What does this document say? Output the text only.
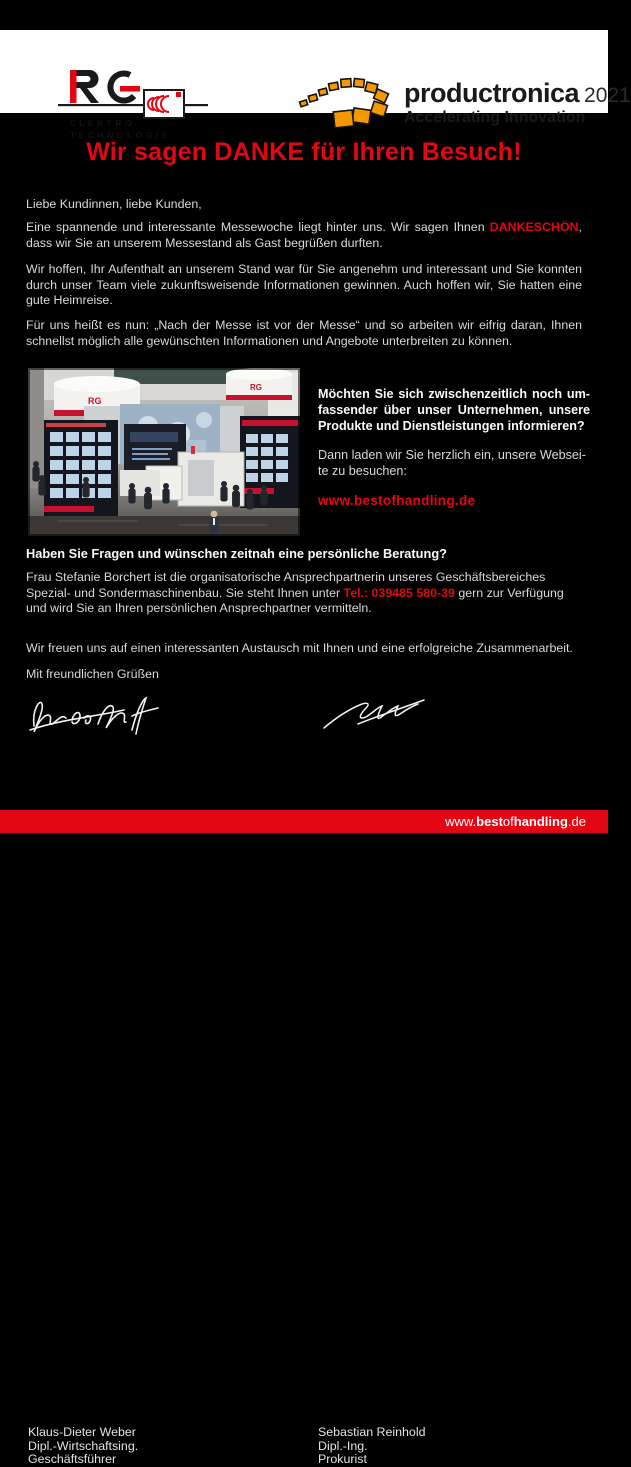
ELEKTRO-
TECHNOLOGIE
productronica 2021
Accelerating Innovation
Wir sagen DANKE für Ihren Besuch!
Liebe Kundinnen, liebe Kunden,
Eine spannende und interessante Messewoche liegt hinter uns. Wir sagen Ihnen DANKESCHÖN, dass wir Sie an unserem Messestand als Gast begrüßen durften.
Wir hoffen, Ihr Aufenthalt an unserem Stand war für Sie angenehm und interessant und Sie konnten durch unser Team viele zukunftsweisende Informationen gewinnen. Auch hoffen wir, Sie hatten eine gute Heimreise.
Für uns heißt es nun: „Nach der Messe ist vor der Messe“ und so arbeiten wir eifrig daran, Ihnen schnellst möglich alle gewünschten Informationen und Angebote unterbreiten zu können.
RG
RG	Möchten Sie sich zwischenzeitlich noch umfassender über unser Unternehmen, unsere Produkte und Dienstleistungen informieren?
Dann laden wir Sie herzlich ein, unsere Webseite zu besuchen:
www.bestofhandling.de
Haben Sie Fragen und wünschen zeitnah eine persönliche Beratung?
Frau Stefanie Borchert ist die organisatorische Ansprechpartnerin unseres Geschäftsbereiches Spezial- und Sondermaschinenbau. Sie steht Ihnen unter Tel.: 039485 580-39 gern zur Verfügung und wird Sie an Ihren persönlichen Ansprechpartner vermitteln.
Wir freuen uns auf einen interessanten Austausch mit Ihnen und eine erfolgreiche Zusammenarbeit.
Mit freundlichen Grüßen
Klaus-Dieter Weber
Dipl.-Wirtschaftsing.
Geschäftsführer
Sebastian Reinhold
Dipl.-Ing.
Prokurist
www. best of handling .de
